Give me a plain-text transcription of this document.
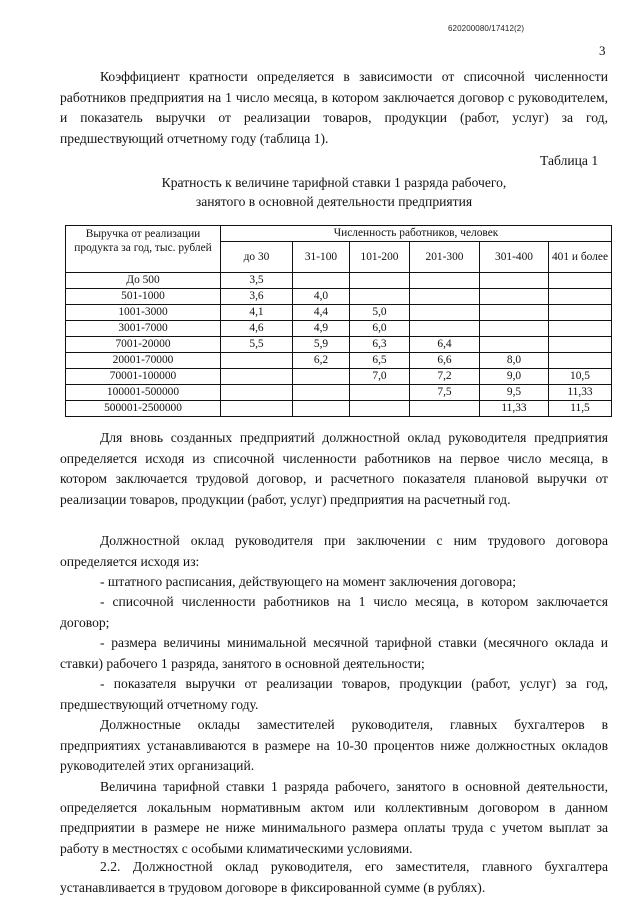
620200080/17412(2)
3

Коэффициент кратности определяется в зависимости от списочной численности работников предприятия на 1 число месяца, в котором заключается договор с руководителем, и показатель выручки от реализации товаров, продукции (работ, услуг) за год, предшествующий отчетному году (таблица 1).

Таблица 1
Кратность к величине тарифной ставки 1 разряда рабочего,
занятого в основной деятельности предприятия
Выручка от реализации продукта за год, тыс. рублей	Численность работников, человек					
	до 30	31-100	101-200	201-300	301-400	401 и более
До 500	3,5					
501-1000	3,6	4,0				
1001-3000	4,1	4,4	5,0			
3001-7000	4,6	4,9	6,0			
7001-20000	5,5	5,9	6,3	6,4		
20001-70000		6,2	6,5	6,6	8,0	
70001-100000			7,0	7,2	9,0	10,5
100001-500000				7,5	9,5	11,33
500001-2500000					11,33	11,5

Для вновь созданных предприятий должностной оклад руководителя предприятия определяется исходя из списочной численности работников на первое число месяца, в котором заключается трудовой договор, и расчетного показателя плановой выручки от реализации товаров, продукции (работ, услуг) предприятия на расчетный год.

Должностной оклад руководителя при заключении с ним трудового договора определяется исходя из:

- штатного расписания, действующего на момент заключения договора;

- списочной численности работников на 1 число месяца, в котором заключается договор;

- размера величины минимальной месячной тарифной ставки (месячного оклада и ставки) рабочего 1 разряда, занятого в основной деятельности;

- показателя выручки от реализации товаров, продукции (работ, услуг) за год, предшествующий отчетному году.

Должностные оклады заместителей руководителя, главных бухгалтеров в предприятиях устанавливаются в размере на 10-30 процентов ниже должностных окладов руководителей этих организаций.

Величина тарифной ставки 1 разряда рабочего, занятого в основной деятельности, определяется локальным нормативным актом или коллективным договором в данном предприятии в размере не ниже минимального размера оплаты труда с учетом выплат за работу в местностях с особыми климатическими условиями.

2.2. Должностной оклад руководителя, его заместителя, главного бухгалтера устанавливается в трудовом договоре в фиксированной сумме (в рублях).
